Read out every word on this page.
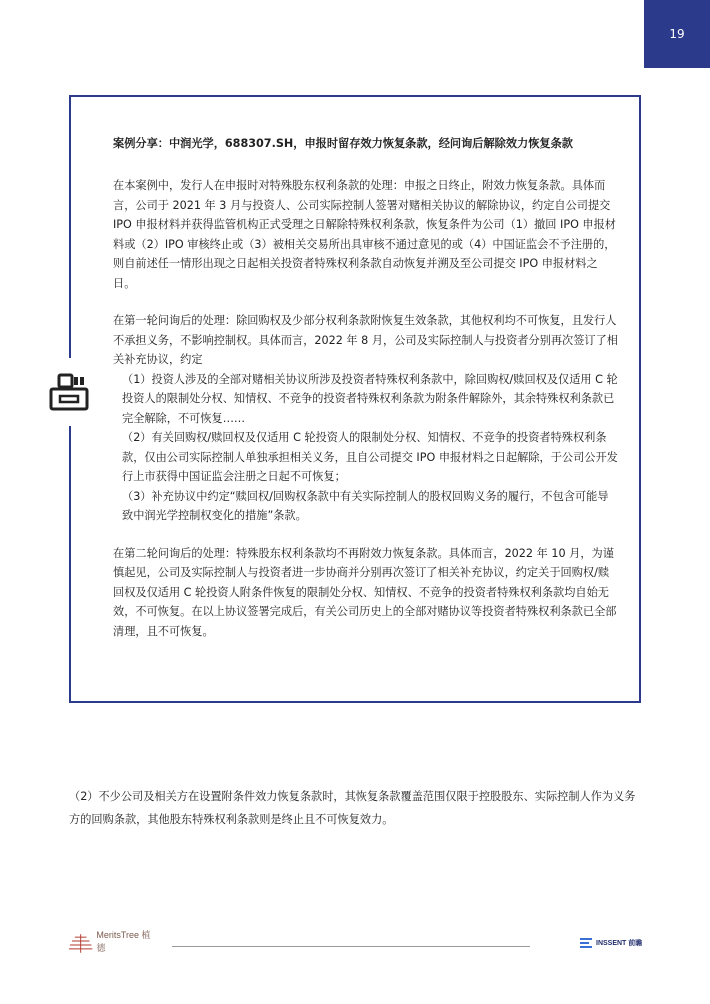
19

案例分享：中润光学，688307.SH，申报时留存效力恢复条款，经问询后解除效力恢复条款

在本案例中，发行人在申报时对特殊股东权利条款的处理：申报之日终止，附效力恢复条款。具体而言，公司于 2021 年 3 月与投资人、公司实际控制人签署对赌相关协议的解除协议，约定自公司提交 IPO 申报材料并获得监管机构正式受理之日解除特殊权利条款，恢复条件为公司（1）撤回 IPO 申报材料或（2）IPO 审核终止或（3）被相关交易所出具审核不通过意见的或（4）中国证监会不予注册的，则自前述任一情形出现之日起相关投资者特殊权利条款自动恢复并溯及至公司提交 IPO 申报材料之日。

在第一轮问询后的处理：除回购权及少部分权利条款附恢复生效条款，其他权利均不可恢复，且发行人不承担义务，不影响控制权。具体而言，2022 年 8 月，公司及实际控制人与投资者分别再次签订了相关补充协议，约定

（1）投资人涉及的全部对赌相关协议所涉及投资者特殊权利条款中，除回购权/赎回权及仅适用 C 轮投资人的限制处分权、知情权、不竞争的投资者特殊权利条款为附条件解除外，其余特殊权利条款已完全解除，不可恢复……

（2）有关回购权/赎回权及仅适用 C 轮投资人的限制处分权、知情权、不竞争的投资者特殊权利条款，仅由公司实际控制人单独承担相关义务，且自公司提交 IPO 申报材料之日起解除，于公司公开发行上市获得中国证监会注册之日起不可恢复；

（3）补充协议中约定“赎回权/回购权条款中有关实际控制人的股权回购义务的履行，不包含可能导致中润光学控制权变化的措施”条款。

在第二轮问询后的处理：特殊股东权利条款均不再附效力恢复条款。具体而言，2022 年 10 月，为谨慎起见，公司及实际控制人与投资者进一步协商并分别再次签订了相关补充协议，约定关于回购权/赎回权及仅适用 C 轮投资人附条件恢复的限制处分权、知情权、不竞争的投资者特殊权利条款均自始无效，不可恢复。在以上协议签署完成后，有关公司历史上的全部对赌协议等投资者特殊权利条款已全部清理，且不可恢复。

（2）不少公司及相关方在设置附条件效力恢复条款时，其恢复条款覆盖范围仅限于控股股东、实际控制人作为义务方的回购条款，其他股东特殊权利条款则是终止且不可恢复效力。

MeritsTree 植德	INSSENT 前瞻
